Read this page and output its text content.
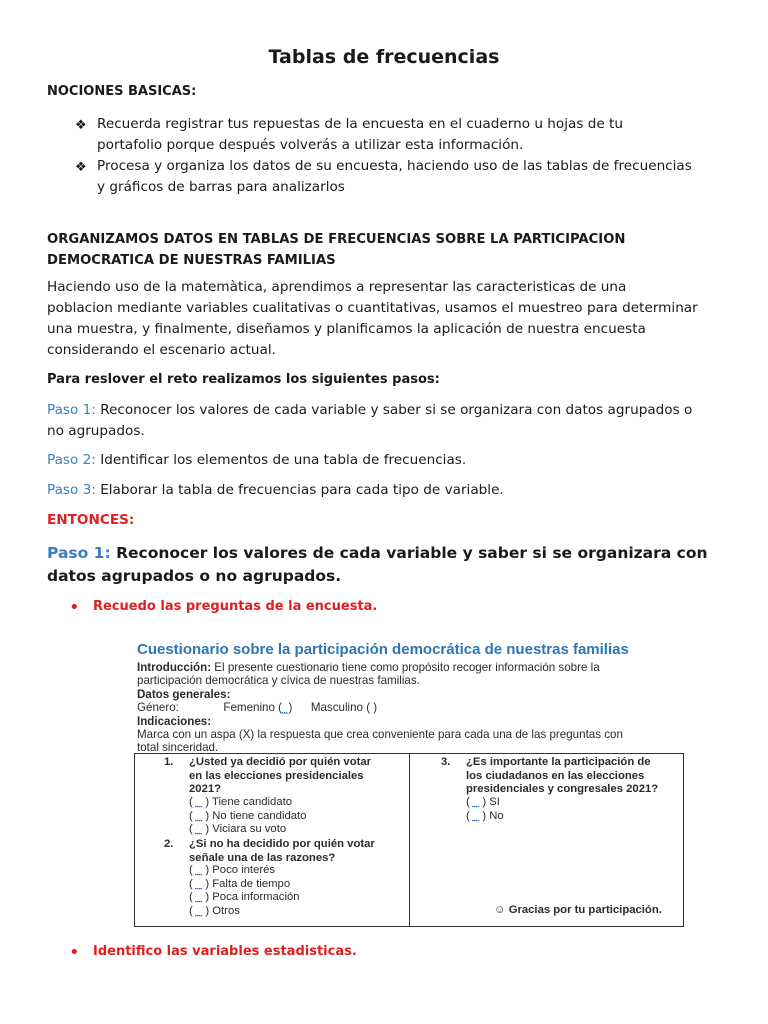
Tablas de frecuencias
NOCIONES BASICAS:
❖ Recuerda registrar tus repuestas de la encuesta en el cuaderno u hojas de tu
portafolio porque después volverás a utilizar esta información.
❖ Procesa y organiza los datos de su encuesta, haciendo uso de las tablas de frecuencias
y gráficos de barras para analizarlos
ORGANIZAMOS DATOS EN TABLAS DE FRECUENCIAS SOBRE LA PARTICIPACION
DEMOCRATICA DE NUESTRAS FAMILIAS
Haciendo uso de la matemàtica, aprendimos a representar las caracteristicas de una
poblacion mediante variables cualitativas o cuantitativas, usamos el muestreo para determinar
una muestra, y finalmente, diseñamos y planificamos la aplicación de nuestra encuesta
considerando el escenario actual.
Para reslover el reto realizamos los siguientes pasos:
Paso 1: Reconocer los valores de cada variable y saber si se organizara con datos agrupados o
no agrupados.
Paso 2: Identificar los elementos de una tabla de frecuencias.
Paso 3: Elaborar la tabla de frecuencias para cada tipo de variable.
ENTONCES:
Paso 1: Reconocer los valores de cada variable y saber si se organizara con
datos agrupados o no agrupados.
• Recuedo las preguntas de la encuesta.
Cuestionario sobre la participación democrática de nuestras familias
Introducción: El presente cuestionario tiene como propósito recoger información sobre la
participación democrática y cívica de nuestras familias.
Datos generales:
Género:	Femenino (_) Masculino ( )
Indicaciones:
Marca con un aspa (X) la respuesta que crea conveniente para cada una de las preguntas con
total sinceridad.
1. ¿Usted ya decidió por quién votar
en las elecciones presidenciales
2021?
( _ ) Tiene candidato
( _ ) No tiene candidato
( _ ) Viciara su voto
2. ¿Si no ha decidido por quién votar
señale una de las razones?
( _ ) Poco interés
( _ ) Falta de tiempo
( _ ) Poca información
( _ ) Otros
3. ¿Es importante la participación de
los ciudadanos en las elecciones
presidenciales y congresales 2021?
( _ ) SI
( _ ) No
☺ Gracias por tu participación.
• Identifico las variables estadisticas.
